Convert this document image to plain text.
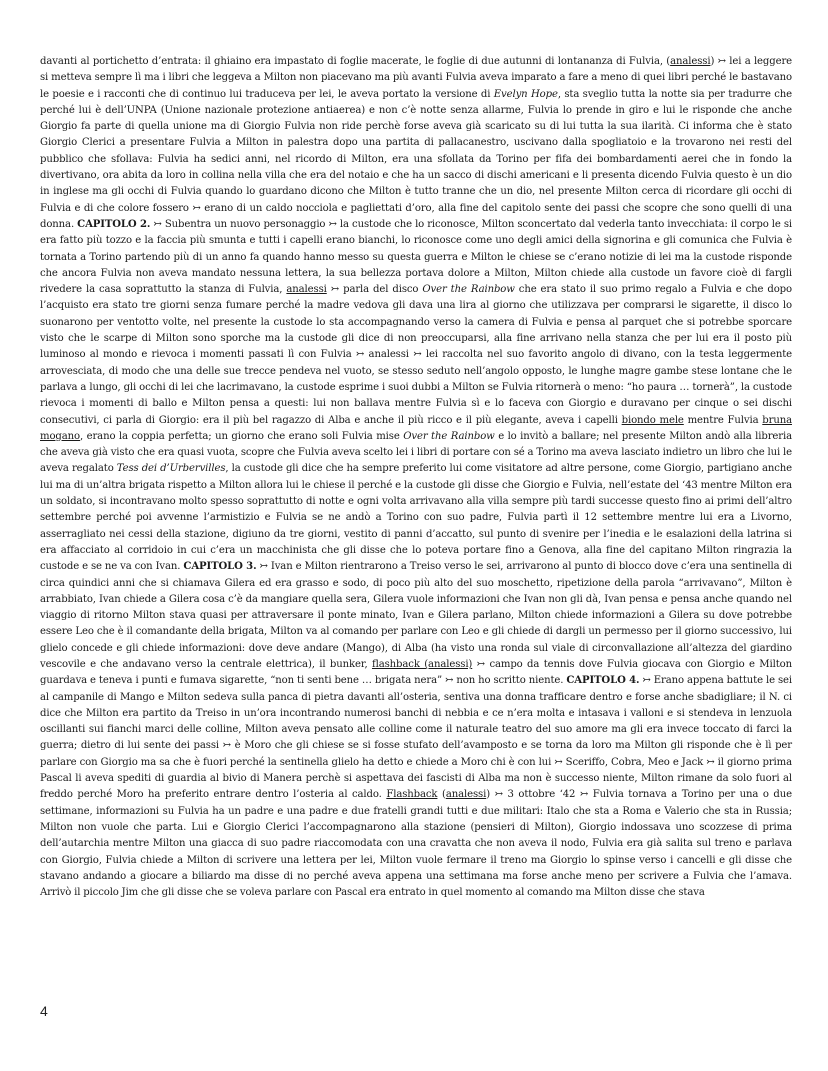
davanti al portichetto d’entrata: il ghiaino era impastato di foglie macerate, le foglie di due autunni di lontananza di Fulvia, (analessi) ↣ lei a leggere si metteva sempre lì ma i libri che leggeva a Milton non piacevano ma più avanti Fulvia aveva imparato a fare a meno di quei libri perché le bastavano le poesie e i racconti che di continuo lui traduceva per lei, le aveva portato la versione di Evelyn Hope, sta sveglio tutta la notte sia per tradurre che perché lui è dell’UNPA (Unione nazionale protezione antiaerea) e non c’è notte senza allarme, Fulvia lo prende in giro e lui le risponde che anche Giorgio fa parte di quella unione ma di Giorgio Fulvia non ride perchè forse aveva già scaricato su di lui tutta la sua ilarità. Ci informa che è stato Giorgio Clerici a presentare Fulvia a Milton in palestra dopo una partita di pallacanestro, uscivano dalla spogliatoio e la trovarono nei resti del pubblico che sfollava: Fulvia ha sedici anni, nel ricordo di Milton, era una sfollata da Torino per fifa dei bombardamenti aerei che in fondo la divertivano, ora abita da loro in collina nella villa che era del notaio e che ha un sacco di dischi americani e li presenta dicendo Fulvia questo è un dio in inglese ma gli occhi di Fulvia quando lo guardano dicono che Milton è tutto tranne che un dio, nel presente Milton cerca di ricordare gli occhi di Fulvia e di che colore fossero ↣ erano di un caldo nocciola e pagliettati d’oro, alla fine del capitolo sente dei passi che scopre che sono quelli di una donna. CAPITOLO 2. ↣ Subentra un nuovo personaggio ↣ la custode che lo riconosce, Milton sconcertato dal vederla tanto invecchiata: il corpo le si era fatto più tozzo e la faccia più smunta e tutti i capelli erano bianchi, lo riconosce come uno degli amici della signorina e gli comunica che Fulvia è tornata a Torino partendo più di un anno fa quando hanno messo su questa guerra e Milton le chiese se c’erano notizie di lei ma la custode risponde che ancora Fulvia non aveva mandato nessuna lettera, la sua bellezza portava dolore a Milton, Milton chiede alla custode un favore cioè di fargli rivedere la casa soprattutto la stanza di Fulvia, analessi ↣ parla del disco Over the Rainbow che era stato il suo primo regalo a Fulvia e che dopo l’acquisto era stato tre giorni senza fumare perché la madre vedova gli dava una lira al giorno che utilizzava per comprarsi le sigarette, il disco lo suonarono per ventotto volte, nel presente la custode lo sta accompagnando verso la camera di Fulvia e pensa al parquet che si potrebbe sporcare visto che le scarpe di Milton sono sporche ma la custode gli dice di non preoccuparsi, alla fine arrivano nella stanza che per lui era il posto più luminoso al mondo e rievoca i momenti passati lì con Fulvia ↣ analessi ↣ lei raccolta nel suo favorito angolo di divano, con la testa leggermente arrovesciata, di modo che una delle sue trecce pendeva nel vuoto, se stesso seduto nell’angolo opposto, le lunghe magre gambe stese lontane che le parlava a lungo, gli occhi di lei che lacrimavano, la custode esprime i suoi dubbi a Milton se Fulvia ritornerà o meno: “ho paura … tornerà”, la custode rievoca i momenti di ballo e Milton pensa a questi: lui non ballava mentre Fulvia sì e lo faceva con Giorgio e duravano per cinque o sei dischi consecutivi, ci parla di Giorgio: era il più bel ragazzo di Alba e anche il più ricco e il più elegante, aveva i capelli biondo mele mentre Fulvia bruna mogano, erano la coppia perfetta; un giorno che erano soli Fulvia mise Over the Rainbow e lo invitò a ballare; nel presente Milton andò alla libreria che aveva già visto che era quasi vuota, scopre che Fulvia aveva scelto lei i libri di portare con sé a Torino ma aveva lasciato indietro un libro che lui le aveva regalato Tess dei d’Urbervilles, la custode gli dice che ha sempre preferito lui come visitatore ad altre persone, come Giorgio, partigiano anche lui ma di un’altra brigata rispetto a Milton allora lui le chiese il perché e la custode gli disse che Giorgio e Fulvia, nell’estate del ‘43 mentre Milton era un soldato, si incontravano molto spesso soprattutto di notte e ogni volta arrivavano alla villa sempre più tardi successe questo fino ai primi dell’altro settembre perché poi avvenne l’armistizio e Fulvia se ne andò a Torino con suo padre, Fulvia partì il 12 settembre mentre lui era a Livorno, asserragliato nei cessi della stazione, digiuno da tre giorni, vestito di panni d’accatto, sul punto di svenire per l’inedia e le esalazioni della latrina si era affacciato al corridoio in cui c’era un macchinista che gli disse che lo poteva portare fino a Genova, alla fine del capitano Milton ringrazia la custode e se ne va con Ivan. CAPITOLO 3. ↣ Ivan e Milton rientrarono a Treiso verso le sei, arrivarono al punto di blocco dove c’era una sentinella di circa quindici anni che si chiamava Gilera ed era grasso e sodo, di poco più alto del suo moschetto, ripetizione della parola “arrivavano”, Milton è arrabbiato, Ivan chiede a Gilera cosa c’è da mangiare quella sera, Gilera vuole informazioni che Ivan non gli dà, Ivan pensa e pensa anche quando nel viaggio di ritorno Milton stava quasi per attraversare il ponte minato, Ivan e Gilera parlano, Milton chiede informazioni a Gilera su dove potrebbe essere Leo che è il comandante della brigata, Milton va al comando per parlare con Leo e gli chiede di dargli un permesso per il giorno successivo, lui glielo concede e gli chiede informazioni: dove deve andare (Mango), di Alba (ha visto una ronda sul viale di circonvallazione all’altezza del giardino vescovile e che andavano verso la centrale elettrica), il bunker, flashback (analessi) ↣ campo da tennis dove Fulvia giocava con Giorgio e Milton guardava e teneva i punti e fumava sigarette, “non ti senti bene … brigata nera” ↣ non ho scritto niente. CAPITOLO 4. ↣ Erano appena battute le sei al campanile di Mango e Milton sedeva sulla panca di pietra davanti all’osteria, sentiva una donna trafficare dentro e forse anche sbadigliare; il N. ci dice che Milton era partito da Treiso in un’ora incontrando numerosi banchi di nebbia e ce n’era molta e intasava i valloni e si stendeva in lenzuola oscillanti sui fianchi marci delle colline, Milton aveva pensato alle colline come il naturale teatro del suo amore ma gli era invece toccato di farci la guerra; dietro di lui sente dei passi ↣ è Moro che gli chiese se si fosse stufato dell’avamposto e se torna da loro ma Milton gli risponde che è lì per parlare con Giorgio ma sa che è fuori perché la sentinella glielo ha detto e chiede a Moro chi è con lui ↣ Sceriffo, Cobra, Meo e Jack ↣ il giorno prima Pascal li aveva spediti di guardia al bivio di Manera perchè si aspettava dei fascisti di Alba ma non è successo niente, Milton rimane da solo fuori al freddo perché Moro ha preferito entrare dentro l’osteria al caldo. Flashback (analessi) ↣ 3 ottobre ‘42 ↣ Fulvia tornava a Torino per una o due settimane, informazioni su Fulvia ha un padre e una padre e due fratelli grandi tutti e due militari: Italo che sta a Roma e Valerio che sta in Russia; Milton non vuole che parta. Lui e Giorgio Clerici l’accompagnarono alla stazione (pensieri di Milton), Giorgio indossava uno scozzese di prima dell’autarchia mentre Milton una giacca di suo padre riaccomodata con una cravatta che non aveva il nodo, Fulvia era già salita sul treno e parlava con Giorgio, Fulvia chiede a Milton di scrivere una lettera per lei, Milton vuole fermare il treno ma Giorgio lo spinse verso i cancelli e gli disse che stavano andando a giocare a biliardo ma disse di no perché aveva appena una settimana ma forse anche meno per scrivere a Fulvia che l’amava. Arrivò il piccolo Jim che gli disse che se voleva parlare con Pascal era entrato in quel momento al comando ma Milton disse che stava

4
